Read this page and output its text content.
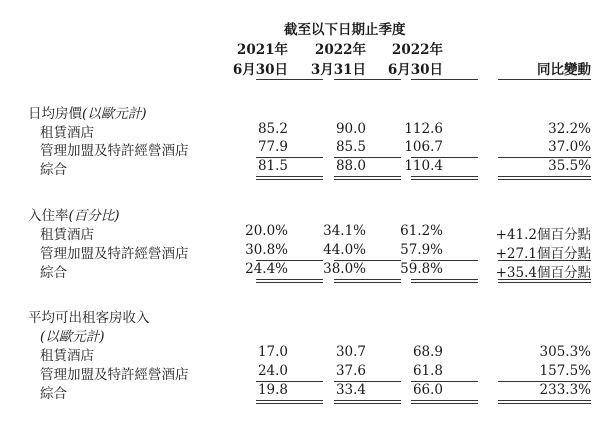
截至以下日期止季度
2021年 2022年 2022年
6月30日 3月31日 6月30日	同比變動
日均房價(以歐元計)
租賃酒店	85.2	90.0	112.6	32.2%
管理加盟及特許經營酒店	77.9	85.5	106.7	37.0%
綜合	81.5	88.0	110.4	35.5%
入住率(百分比)
租賃酒店	20.0%	34.1%	61.2%	+41.2個百分點
管理加盟及特許經營酒店	30.8%	44.0%	57.9%	+27.1個百分點
綜合	24.4%	38.0%	59.8%	+35.4個百分點
平均可出租客房收入
(以歐元計)
租賃酒店	17.0	30.7	68.9	305.3%
管理加盟及特許經營酒店	24.0	37.6	61.8	157.5%
綜合	19.8	33.4	66.0	233.3%
